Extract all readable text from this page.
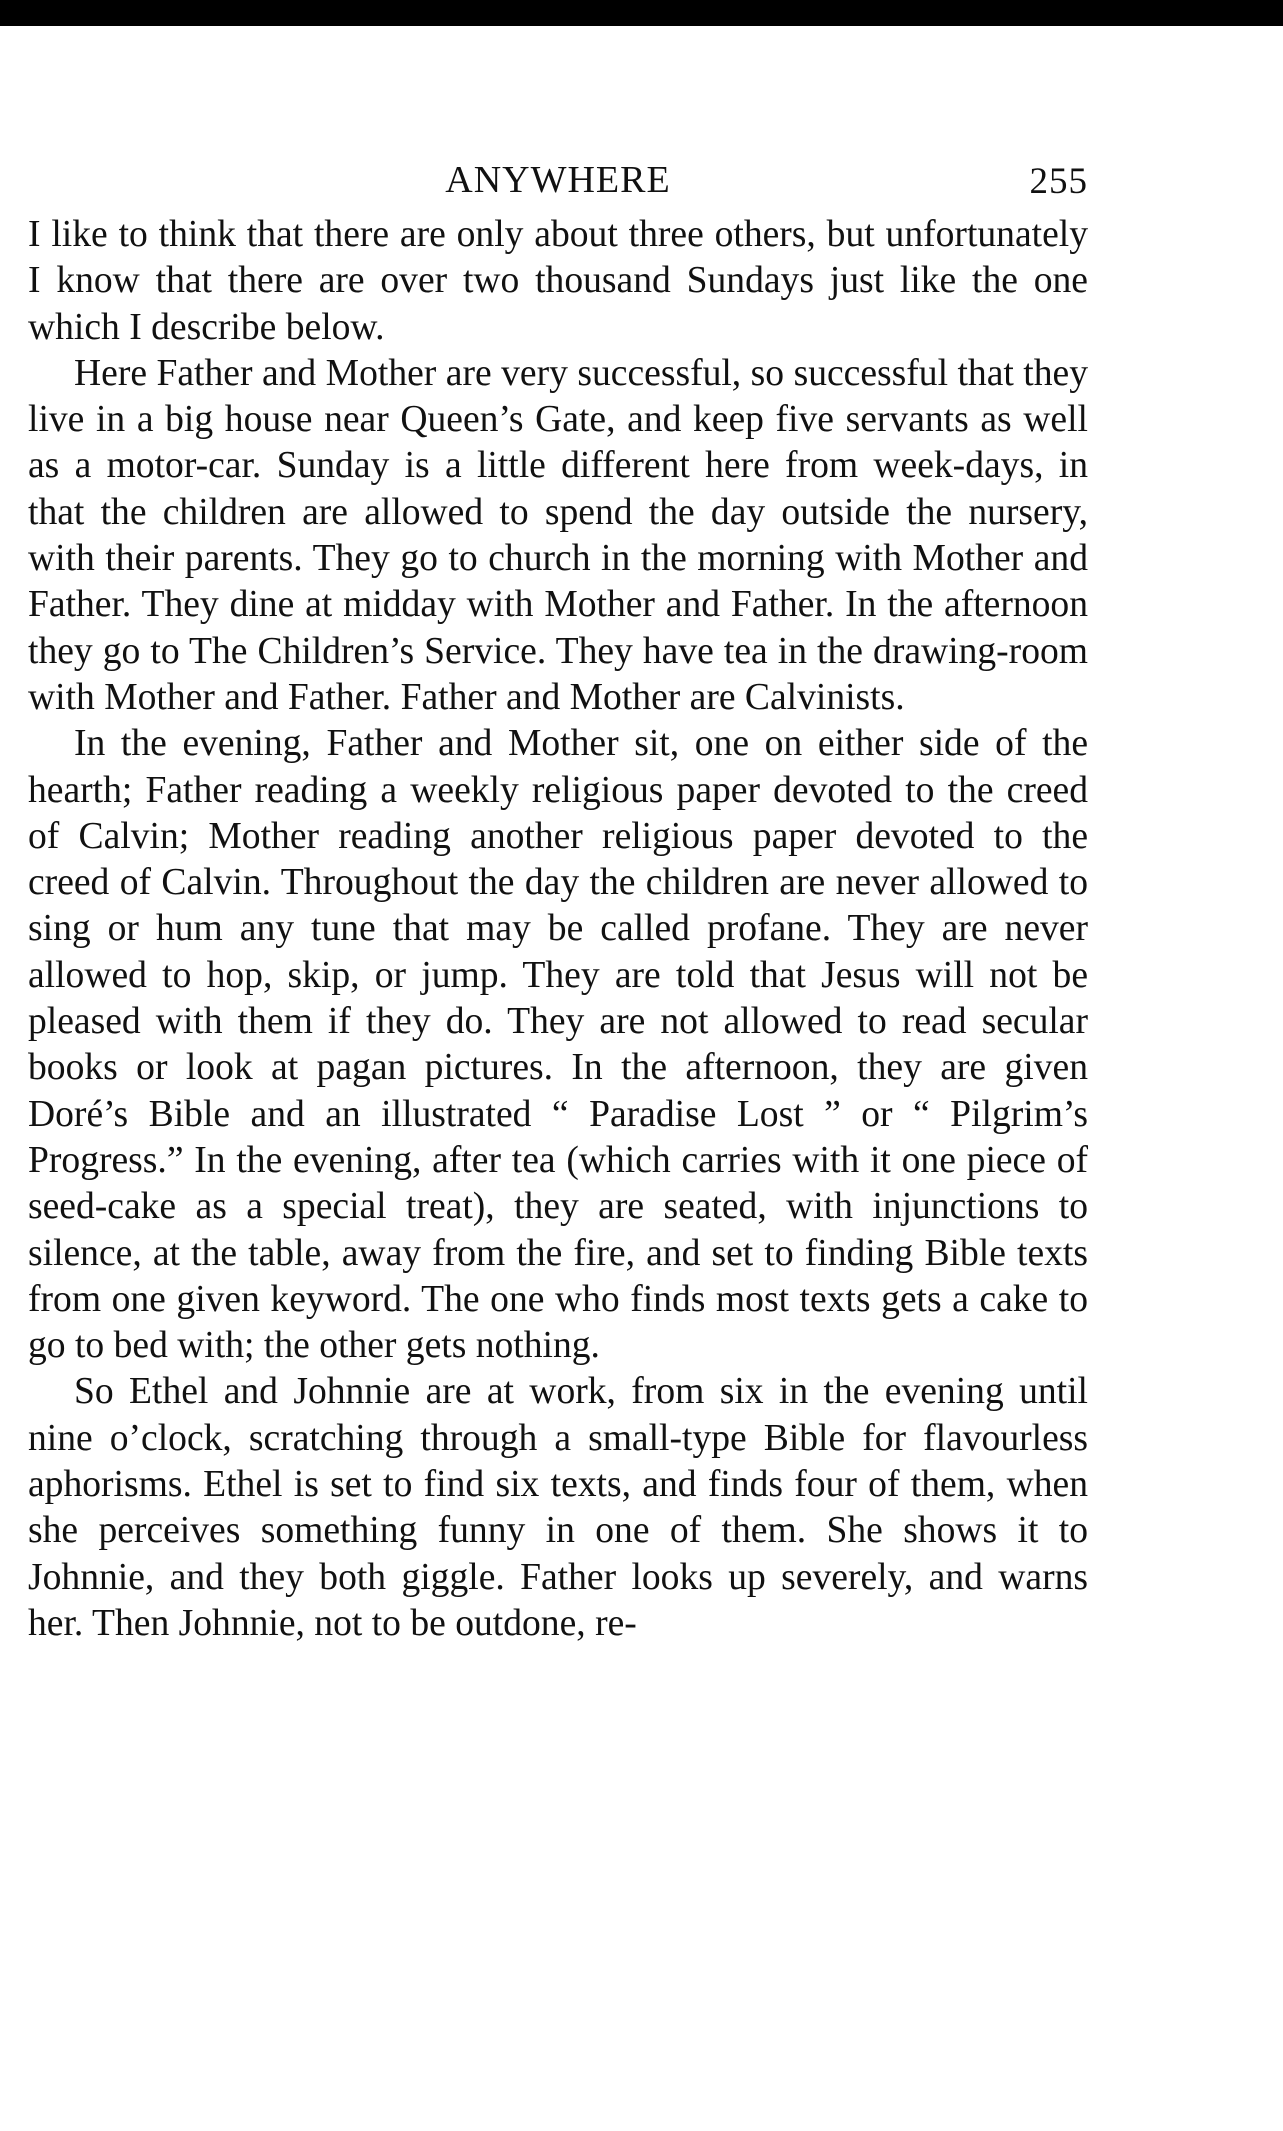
ANYWHERE	255

I like to think that there are only about three others, but unfortunately I know that there are over two thousand Sundays just like the one which I describe below.

Here Father and Mother are very successful, so successful that they live in a big house near Queen’s Gate, and keep five servants as well as a motor-car. Sunday is a little different here from week-days, in that the children are allowed to spend the day outside the nursery, with their parents. They go to church in the morning with Mother and Father. They dine at midday with Mother and Father. In the afternoon they go to The Children’s Service. They have tea in the drawing-room with Mother and Father. Father and Mother are Calvinists.

In the evening, Father and Mother sit, one on either side of the hearth; Father reading a weekly religious paper devoted to the creed of Calvin; Mother reading another religious paper devoted to the creed of Calvin. Throughout the day the children are never allowed to sing or hum any tune that may be called profane. They are never allowed to hop, skip, or jump. They are told that Jesus will not be pleased with them if they do. They are not allowed to read secular books or look at pagan pictures. In the afternoon, they are given Doré’s Bible and an illustrated “ Paradise Lost ” or “ Pilgrim’s Progress.” In the evening, after tea (which carries with it one piece of seed-cake as a special treat), they are seated, with injunctions to silence, at the table, away from the fire, and set to finding Bible texts from one given keyword. The one who finds most texts gets a cake to go to bed with; the other gets nothing.

So Ethel and Johnnie are at work, from six in the evening until nine o’clock, scratching through a small-type Bible for flavourless aphorisms. Ethel is set to find six texts, and finds four of them, when she perceives something funny in one of them. She shows it to Johnnie, and they both giggle. Father looks up severely, and warns her. Then Johnnie, not to be outdone, re-
